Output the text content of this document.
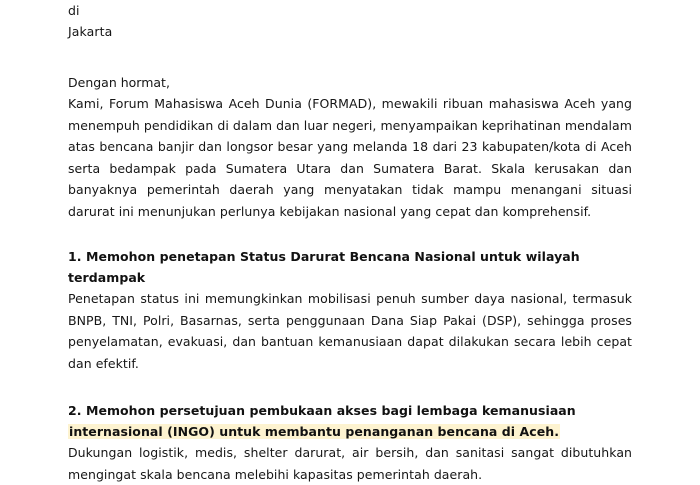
di
Jakarta
Dengan hormat,

Kami, Forum Mahasiswa Aceh Dunia (FORMAD), mewakili ribuan mahasiswa Aceh yang menempuh pendidikan di dalam dan luar negeri, menyampaikan keprihatinan mendalam atas bencana banjir dan longsor besar yang melanda 18 dari 23 kabupaten/kota di Aceh serta bedampak pada Sumatera Utara dan Sumatera Barat. Skala kerusakan dan banyaknya pemerintah daerah yang menyatakan tidak mampu menangani situasi darurat ini menunjukan perlunya kebijakan nasional yang cepat dan komprehensif.

1. Memohon penetapan Status Darurat Bencana Nasional untuk wilayah terdampak

Penetapan status ini memungkinkan mobilisasi penuh sumber daya nasional, termasuk BNPB, TNI, Polri, Basarnas, serta penggunaan Dana Siap Pakai (DSP), sehingga proses penyelamatan, evakuasi, dan bantuan kemanusiaan dapat dilakukan secara lebih cepat dan efektif.

2. Memohon persetujuan pembukaan akses bagi lembaga kemanusiaan internasional (INGO) untuk membantu penanganan bencana di Aceh.

Dukungan logistik, medis, shelter darurat, air bersih, dan sanitasi sangat dibutuhkan mengingat skala bencana melebihi kapasitas pemerintah daerah.
